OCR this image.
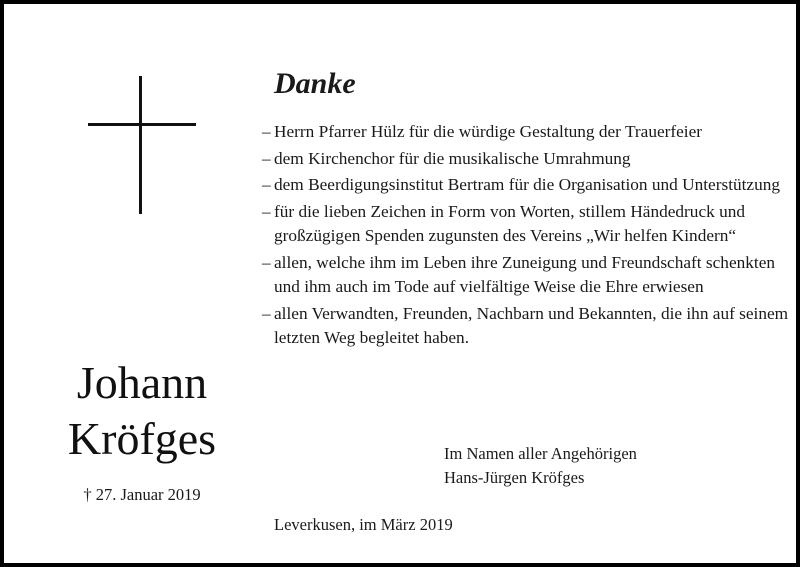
Johann
Kröfges
† 27. Januar 2019
Danke
– Herrn Pfarrer Hülz für die würdige Gestaltung der Trauerfeier
– dem Kirchenchor für die musikalische Umrahmung
– dem Beerdigungsinstitut Bertram für die Organisation und Unterstützung
– für die lieben Zeichen in Form von Worten, stillem Händedruck und großzügigen Spenden zugunsten des Vereins „Wir helfen Kindern“
– allen, welche ihm im Leben ihre Zuneigung und Freundschaft schenkten und ihm auch im Tode auf vielfältige Weise die Ehre erwiesen
– allen Verwandten, Freunden, Nachbarn und Bekannten, die ihn auf seinem letzten Weg begleitet haben.
Im Namen aller Angehörigen
Hans-Jürgen Kröfges
Leverkusen, im März 2019
